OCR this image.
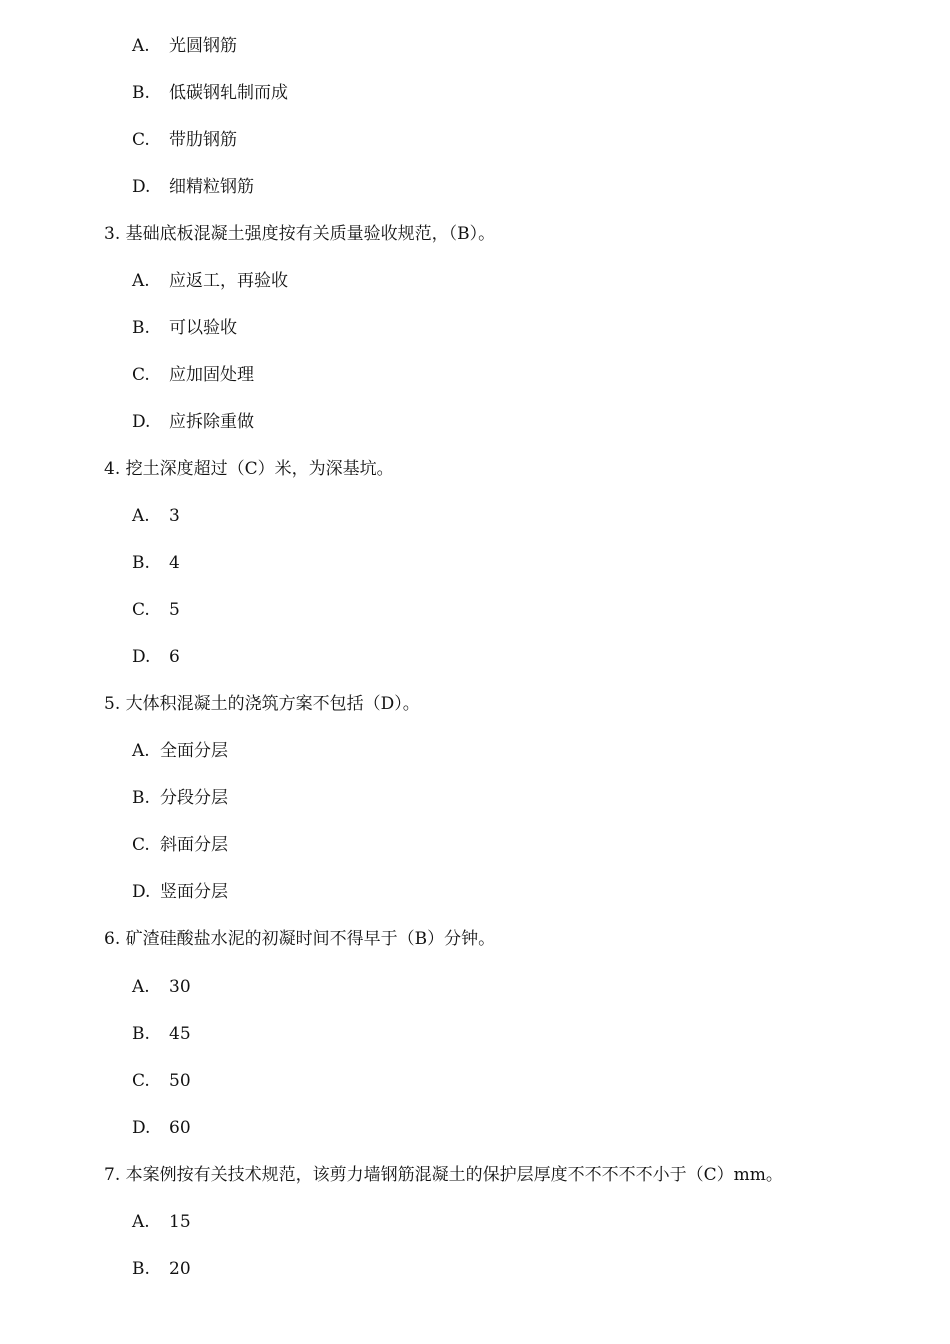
A. 光圆钢筋
B. 低碳钢轧制而成
C. 带肋钢筋
D. 细精粒钢筋
3. 基础底板混凝土强度按有关质量验收规范，（B）。
A. 应返工，再验收
B. 可以验收
C. 应加固处理
D. 应拆除重做
4. 挖土深度超过（C）米，为深基坑。
A. 3
B. 4
C. 5
D. 6
5. 大体积混凝土的浇筑方案不包括（D）。
A. 全面分层
B. 分段分层
C. 斜面分层
D. 竖面分层
6. 矿渣硅酸盐水泥的初凝时间不得早于（B）分钟。
A. 30
B. 45
C. 50
D. 60
7. 本案例按有关技术规范，该剪力墙钢筋混凝土的保护层厚度不不不不不小于（C）mm。
A. 15
B. 20
